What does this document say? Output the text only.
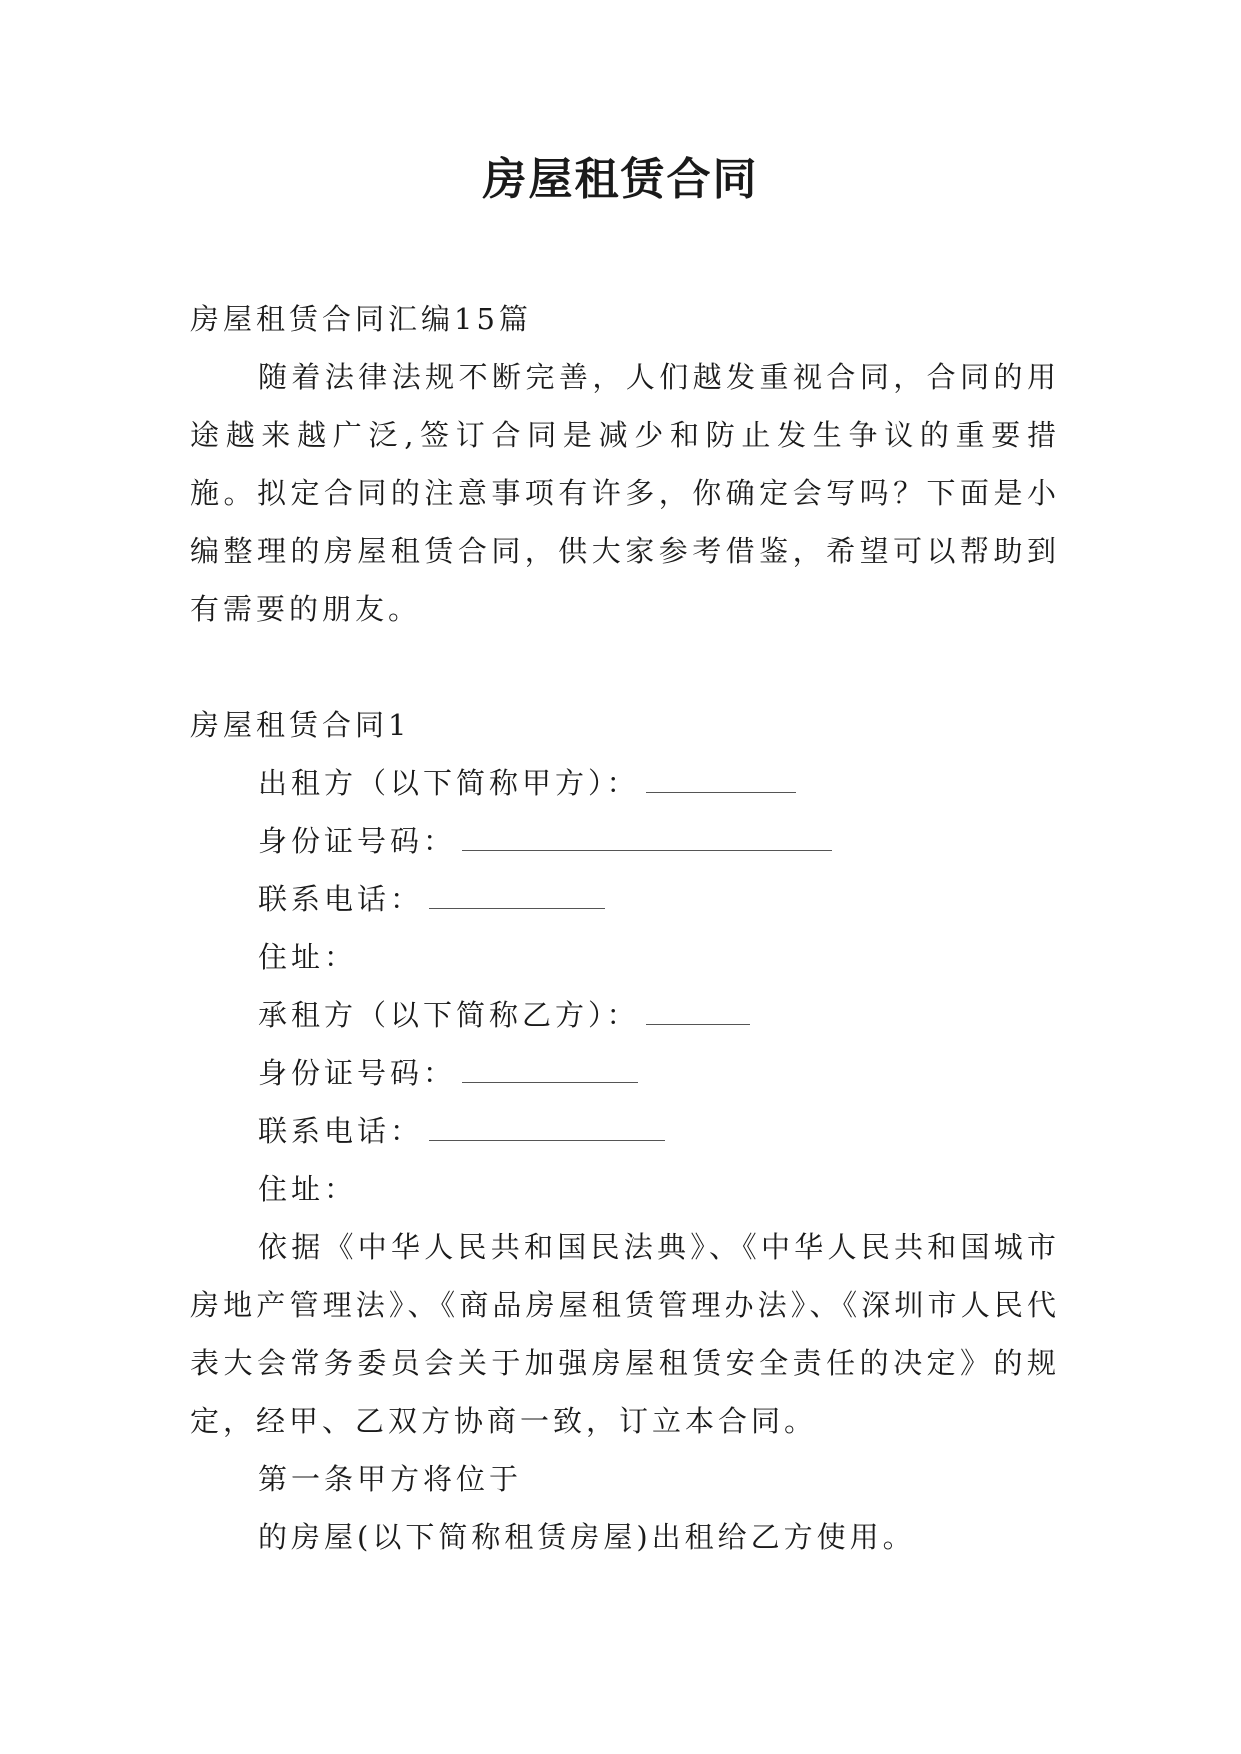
房屋租赁合同
房屋租赁合同汇编15篇
随着法律法规不断完善，人们越发重视合同，合同的用途越来越广泛,签订合同是减少和防止发生争议的重要措施。拟定合同的注意事项有许多，你确定会写吗？下面是小编整理的房屋租赁合同，供大家参考借鉴，希望可以帮助到有需要的朋友。
房屋租赁合同1
出租方（以下简称甲方）：
身份证号码：
联系电话：
住址：
承租方（以下简称乙方）：
身份证号码：
联系电话：
住址：
依据《中华人民共和国民法典》、《中华人民共和国城市房地产管理法》、《商品房屋租赁管理办法》、《深圳市人民代表大会常务委员会关于加强房屋租赁安全责任的决定》的规定，经甲、乙双方协商一致，订立本合同。
第一条甲方将位于
的房屋(以下简称租赁房屋)出租给乙方使用。
